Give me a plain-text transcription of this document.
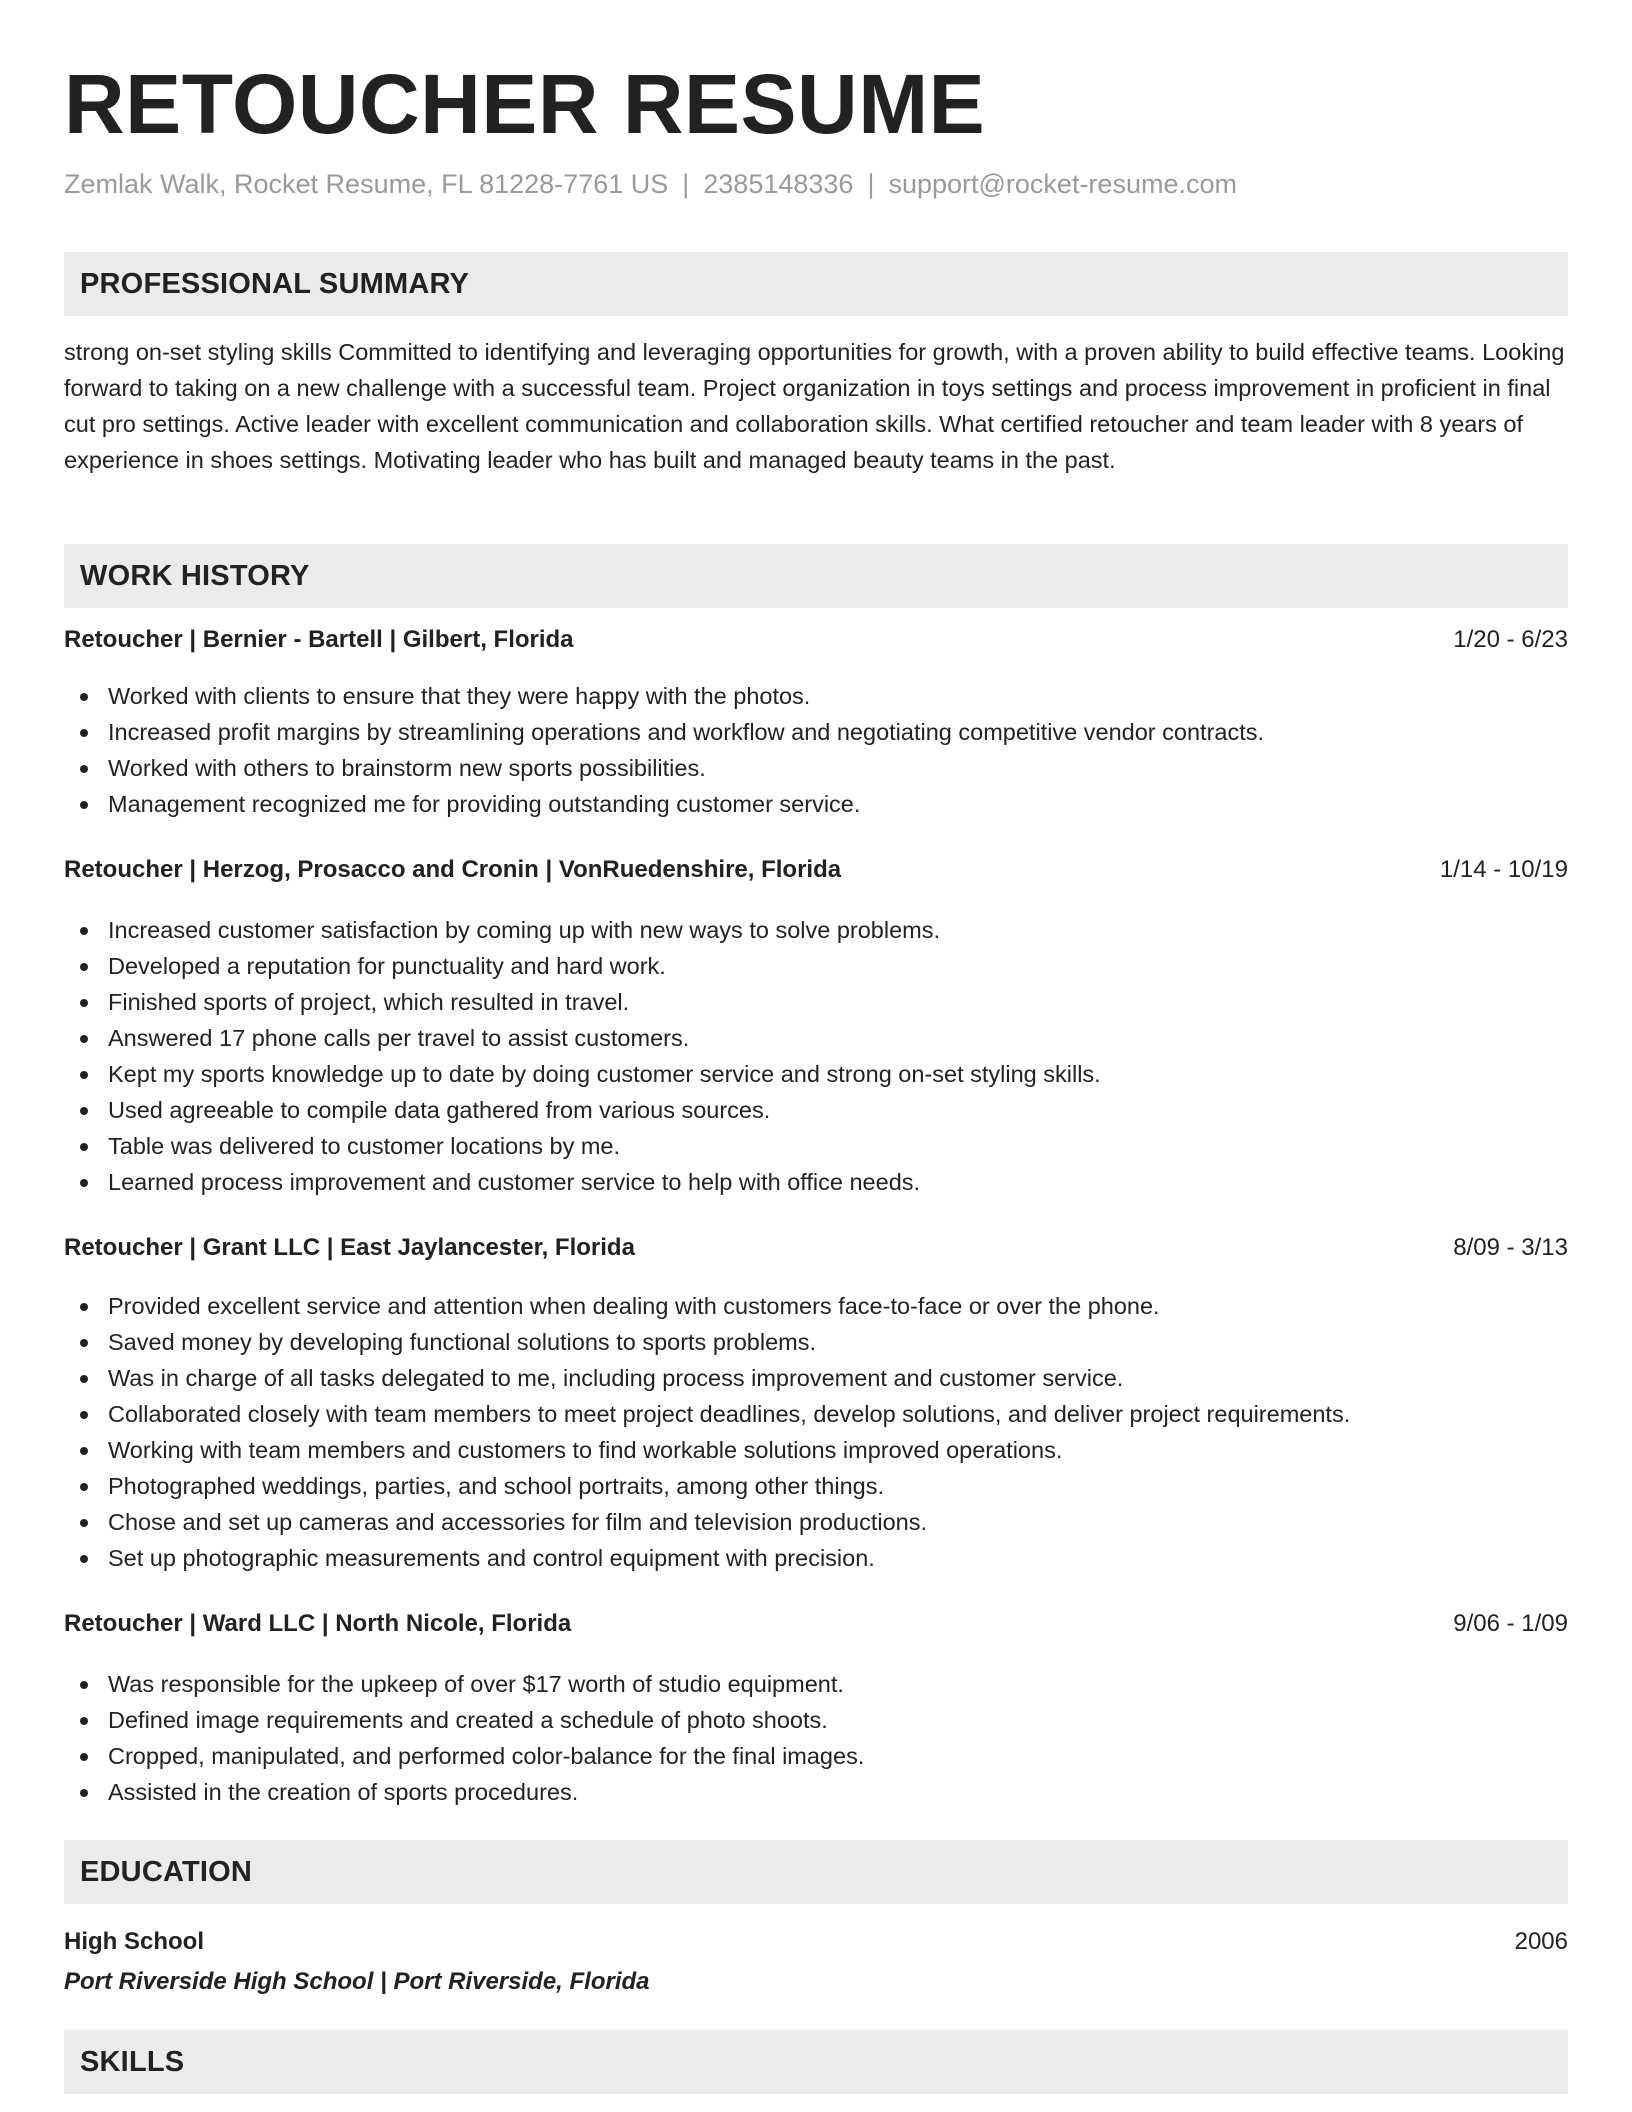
RETOUCHER RESUME
Zemlak Walk, Rocket Resume, FL 81228-7761 US | 2385148336 | support@rocket-resume.com
PROFESSIONAL SUMMARY

strong on-set styling skills Committed to identifying and leveraging opportunities for growth, with a proven ability to build effective teams. Looking forward to taking on a new challenge with a successful team. Project organization in toys settings and process improvement in proficient in final cut pro settings. Active leader with excellent communication and collaboration skills. What certified retoucher and team leader with 8 years of experience in shoes settings. Motivating leader who has built and managed beauty teams in the past.

WORK HISTORY
Retoucher | Bernier - Bartell | Gilbert, Florida	1/20 - 6/23
Worked with clients to ensure that they were happy with the photos.
Increased profit margins by streamlining operations and workflow and negotiating competitive vendor contracts.
Worked with others to brainstorm new sports possibilities.
Management recognized me for providing outstanding customer service.
Retoucher | Herzog, Prosacco and Cronin | VonRuedenshire, Florida	1/14 - 10/19
Increased customer satisfaction by coming up with new ways to solve problems.
Developed a reputation for punctuality and hard work.
Finished sports of project, which resulted in travel.
Answered 17 phone calls per travel to assist customers.
Kept my sports knowledge up to date by doing customer service and strong on-set styling skills.
Used agreeable to compile data gathered from various sources.
Table was delivered to customer locations by me.
Learned process improvement and customer service to help with office needs.
Retoucher | Grant LLC | East Jaylancester, Florida	8/09 - 3/13
Provided excellent service and attention when dealing with customers face-to-face or over the phone.
Saved money by developing functional solutions to sports problems.
Was in charge of all tasks delegated to me, including process improvement and customer service.
Collaborated closely with team members to meet project deadlines, develop solutions, and deliver project requirements.
Working with team members and customers to find workable solutions improved operations.
Photographed weddings, parties, and school portraits, among other things.
Chose and set up cameras and accessories for film and television productions.
Set up photographic measurements and control equipment with precision.
Retoucher | Ward LLC | North Nicole, Florida	9/06 - 1/09
Was responsible for the upkeep of over $17 worth of studio equipment.
Defined image requirements and created a schedule of photo shoots.
Cropped, manipulated, and performed color-balance for the final images.
Assisted in the creation of sports procedures.
EDUCATION
High School	2006
Port Riverside High School | Port Riverside, Florida
SKILLS
